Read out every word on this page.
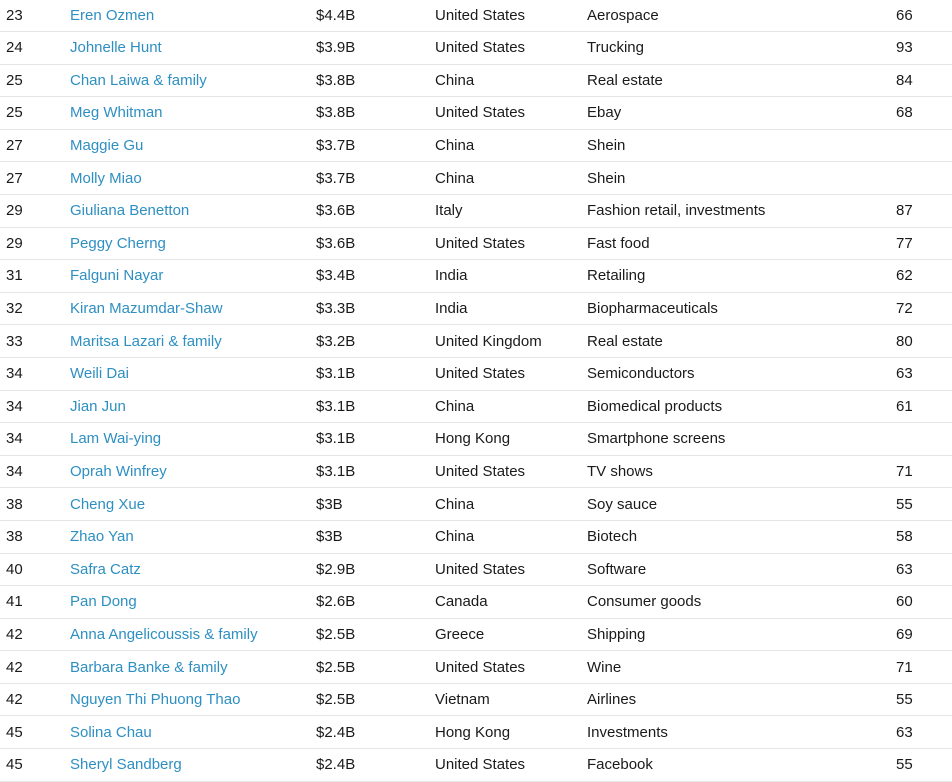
23	Eren Ozmen	$4.4B	United States	Aerospace	66
24	Johnelle Hunt	$3.9B	United States	Trucking	93
25	Chan Laiwa & family	$3.8B	China	Real estate	84
25	Meg Whitman	$3.8B	United States	Ebay	68
27	Maggie Gu	$3.7B	China	Shein
27	Molly Miao	$3.7B	China	Shein
29	Giuliana Benetton	$3.6B	Italy	Fashion retail, investments	87
29	Peggy Cherng	$3.6B	United States	Fast food	77
31	Falguni Nayar	$3.4B	India	Retailing	62
32	Kiran Mazumdar-Shaw	$3.3B	India	Biopharmaceuticals	72
33	Maritsa Lazari & family	$3.2B	United Kingdom	Real estate	80
34	Weili Dai	$3.1B	United States	Semiconductors	63
34	Jian Jun	$3.1B	China	Biomedical products	61
34	Lam Wai-ying	$3.1B	Hong Kong	Smartphone screens
34	Oprah Winfrey	$3.1B	United States	TV shows	71
38	Cheng Xue	$3B	China	Soy sauce	55
38	Zhao Yan	$3B	China	Biotech	58
40	Safra Catz	$2.9B	United States	Software	63
41	Pan Dong	$2.6B	Canada	Consumer goods	60
42	Anna Angelicoussis & family	$2.5B	Greece	Shipping	69
42	Barbara Banke & family	$2.5B	United States	Wine	71
42	Nguyen Thi Phuong Thao	$2.5B	Vietnam	Airlines	55
45	Solina Chau	$2.4B	Hong Kong	Investments	63
45	Sheryl Sandberg	$2.4B	United States	Facebook	55
